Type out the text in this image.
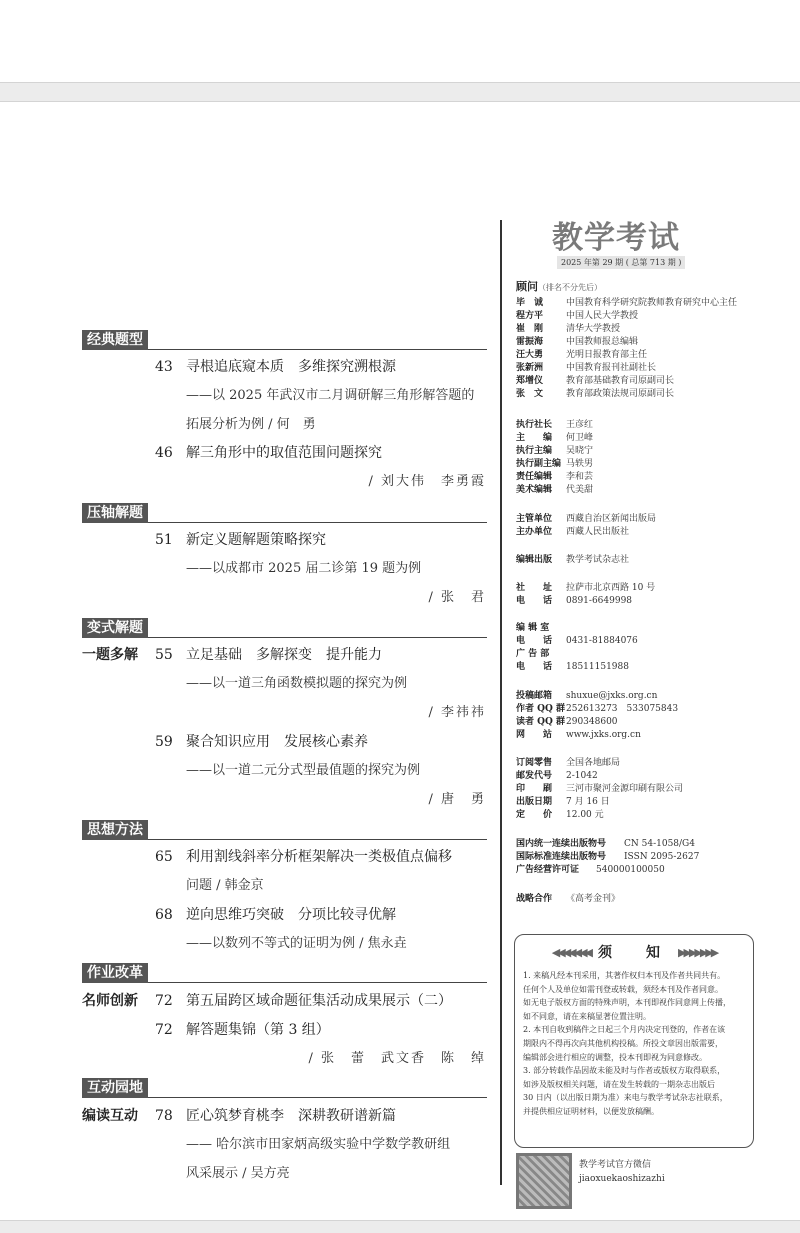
经典题型
43 寻根追底窥本质　多维探究溯根源
——以 2025 年武汉市二月调研解三角形解答题的
拓展分析为例 / 何　勇
46 解三角形中的取值范围问题探究
/ 刘大伟　李勇霞
压轴解题
51 新定义题解题策略探究
——以成都市 2025 届二诊第 19 题为例
/ 张　君
变式解题
一题多解 55 立足基础　多解探变　提升能力
——以一道三角函数模拟题的探究为例
/ 李祎祎
59 聚合知识应用　发展核心素养
——以一道二元分式型最值题的探究为例
/ 唐　勇
思想方法
65 利用割线斜率分析框架解决一类极值点偏移
问题 / 韩金京
68 逆向思维巧突破　分项比较寻优解
——以数列不等式的证明为例 / 焦永垚
作业改革
名师创新 72 第五届跨区域命题征集活动成果展示（二）
72 解答题集锦（第 3 组）
/ 张　蕾　武文香　陈　绰
互动园地
编读互动 78 匠心筑梦育桃李　深耕教研谱新篇
—— 哈尔滨市田家炳高级实验中学数学教研组
风采展示 / 吴方亮
教学考试
2025 年第 29 期 ( 总第 713 期 )
顾问（排名不分先后）
毕　诚	中国教育科学研究院教师教育研究中心主任
程方平	中国人民大学教授
崔　刚	清华大学教授
雷振海	中国教师报总编辑
汪大勇	光明日报教育部主任
张新洲	中国教育报刊社副社长
郑增仪	教育部基础教育司原副司长
张　文	教育部政策法规司原副司长
执行社长 王彦红
主　　编 何卫峰
执行主编 吴晓宁
执行副主编 马轶男
责任编辑 李和芸
美术编辑 代美甜
主管单位 西藏自治区新闻出版局
主办单位 西藏人民出版社
编辑出版 教学考试杂志社
社　　址 拉萨市北京西路 10 号
电　　话 0891-6649998
编 辑 室
电　　话 0431-81884076
广 告 部
电　　话 18511151988
投稿邮箱 shuxue@jxks.org.cn
作者 QQ 群252613273　533075843
读者 QQ 群290348600
网　　站 www.jxks.org.cn
订阅零售 全国各地邮局
邮发代号 2-1042
印　　刷 三河市聚河金源印刷有限公司
出版日期 7 月 16 日
定　　价 12.00 元
国内统一连续出版物号 CN 54-1058/G4
国际标准连续出版物号 ISSN 2095-2627
广告经营许可证 540000100050
战略合作 《高考金刊》
◀◀◀◀◀◀◀ 须　知 ▶▶▶▶▶▶▶
1. 来稿凡经本刊采用，其著作权归本刊及作者共同共有。
任何个人及单位如需刊登或转载，须经本刊及作者同意。
如无电子版权方面的特殊声明，本刊即视作同意网上传播，
如不同意，请在来稿显著位置注明。
2. 本刊自收到稿件之日起三个月内决定刊登的，作者在该
期限内不得再次向其他机构投稿。所投文章因出版需要，
编辑部会进行相应的调整，投本刊即视为同意修改。
3. 部分转载作品因故未能及时与作者或版权方取得联系，
如涉及版权相关问题，请在发生转载的一期杂志出版后
30 日内（以出版日期为准）来电与教学考试杂志社联系，
并提供相应证明材料，以便发放稿酬。
教学考试官方微信
jiaoxuekaoshizazhi
